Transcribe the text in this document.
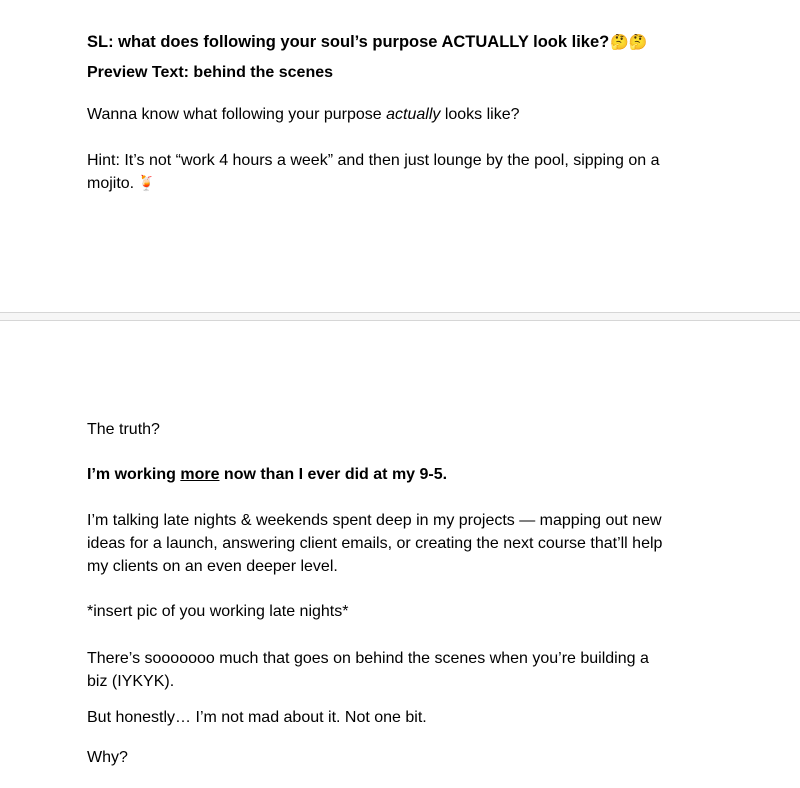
SL: what does following your soul’s purpose ACTUALLY look like?🤔🤔
Preview Text: behind the scenes
Wanna know what following your purpose actually looks like?
Hint: It’s not “work 4 hours a week” and then just lounge by the pool, sipping on a
mojito. 🍹
The truth?
I’m working more now than I ever did at my 9-5.
I’m talking late nights & weekends spent deep in my projects — mapping out new
ideas for a launch, answering client emails, or creating the next course that’ll help
my clients on an even deeper level.
*insert pic of you working late nights*
There’s sooooooo much that goes on behind the scenes when you’re building a
biz (IYKYK).
But honestly… I’m not mad about it. Not one bit.
Why?
